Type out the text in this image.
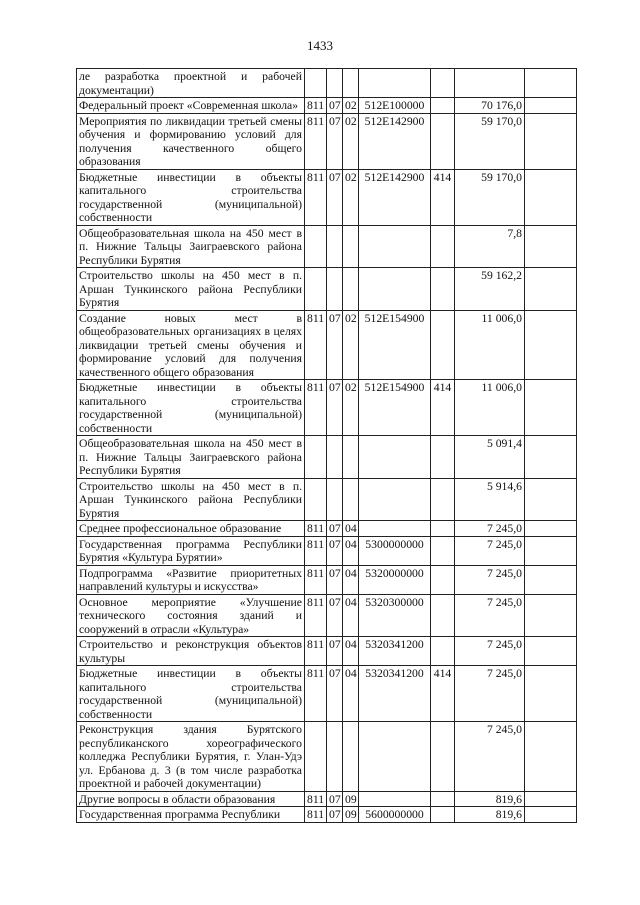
1433
ле разработка проектной и рабочей документации)							
Федеральный проект «Современная школа»	811	07	02	512E100000		70 176,0	
Мероприятия по ликвидации третьей смены обучения и формированию условий для получения качественного общего образования	811	07	02	512E142900		59 170,0	
Бюджетные инвестиции в объекты капитального строительства государственной (муниципальной) собственности	811	07	02	512E142900	414	59 170,0	
Общеобразовательная школа на 450 мест в п. Нижние Тальцы Заиграевского района Республики Бурятия						7,8	
Строительство школы на 450 мест в п. Аршан Тункинского района Республики Бурятия						59 162,2	
Создание новых мест в общеобразовательных организациях в целях ликвидации третьей смены обучения и формирование условий для получения качественного общего образования	811	07	02	512E154900		11 006,0	
Бюджетные инвестиции в объекты капитального строительства государственной (муниципальной) собственности	811	07	02	512E154900	414	11 006,0	
Общеобразовательная школа на 450 мест в п. Нижние Тальцы Заиграевского района Республики Бурятия						5 091,4	
Строительство школы на 450 мест в п. Аршан Тункинского района Республики Бурятия						5 914,6	
Среднее профессиональное образование	811	07	04			7 245,0	
Государственная программа Республики Бурятия «Культура Бурятии»	811	07	04	5300000000		7 245,0	
Подпрограмма «Развитие приоритетных направлений культуры и искусства»	811	07	04	5320000000		7 245,0	
Основное мероприятие «Улучшение технического состояния зданий и сооружений в отрасли «Культура»	811	07	04	5320300000		7 245,0	
Строительство и реконструкция объектов культуры	811	07	04	5320341200		7 245,0	
Бюджетные инвестиции в объекты капитального строительства государственной (муниципальной) собственности	811	07	04	5320341200	414	7 245,0	
Реконструкция здания Бурятского республиканского хореографического колледжа Республики Бурятия, г. Улан-Удэ ул. Ербанова д. 3 (в том числе разработка проектной и рабочей документации)						7 245,0	
Другие вопросы в области образования	811	07	09			819,6	
Государственная программа Республики	811	07	09	5600000000		819,6	
